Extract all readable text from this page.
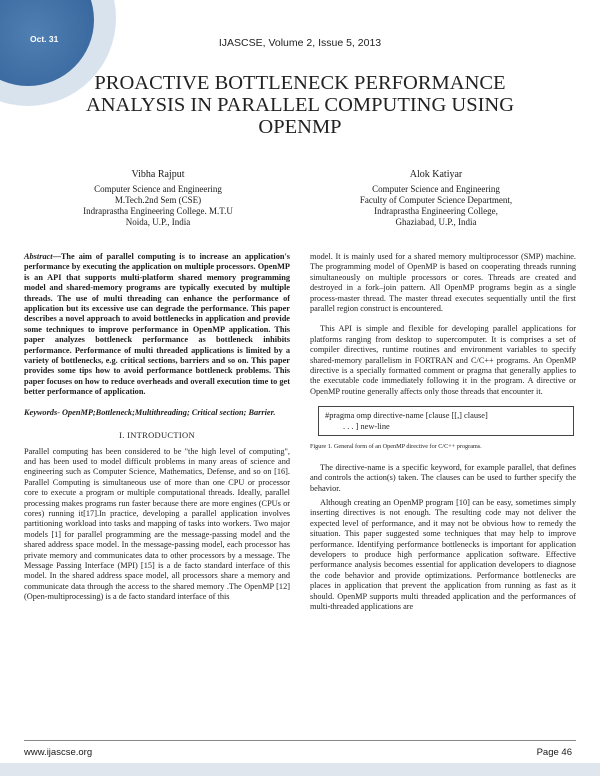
Oct. 31	IJASCSE, Volume 2, Issue 5, 2013
PROACTIVE BOTTLENECK PERFORMANCE ANALYSIS IN PARALLEL COMPUTING USING OPENMP
Vibha Rajput
Computer Science and Engineering
M.Tech.2nd Sem (CSE)
Indraprastha Engineering College. M.T.U
Noida, U.P., India
Alok Katiyar
Computer Science and Engineering
Faculty of Computer Science Department,
Indraprastha Engineering College,
Ghaziabad, U.P., India

Abstract—The aim of parallel computing is to increase an application's performance by executing the application on multiple processors. OpenMP is an API that supports multi-platform shared memory programming model and shared-memory programs are typically executed by multiple threads. The use of multi threading can enhance the performance of application but its excessive use can degrade the performance. This paper describes a novel approach to avoid bottlenecks in application and provide some techniques to improve performance in OpenMP application. This paper analyzes bottleneck performance as bottleneck inhibits performance. Performance of multi threaded applications is limited by a variety of bottlenecks, e.g. critical sections, barriers and so on. This paper provides some tips how to avoid performance bottleneck problems. This paper focuses on how to reduce overheads and overall execution time to get better performance of application.

Keywords- OpenMP;Bottleneck;Multithreading; Critical section; Barrier.

I. INTRODUCTION

Parallel computing has been considered to be "the high level of computing", and has been used to model difficult problems in many areas of science and engineering such as Computer Science, Mathematics, Defense, and so on [16]. Parallel Computing is simultaneous use of more than one CPU or processor core to execute a program or multiple computational threads. Ideally, parallel processing makes programs run faster because there are more engines (CPUs or cores) running it[17].In practice, developing a parallel application involves partitioning workload into tasks and mapping of tasks into workers. Two major models [1] for parallel programming are the message-passing model and the shared address space model. In the message-passing model, each processor has private memory and communicates data to other processors by a message. The Message Passing Interface (MPI) [15] is a de facto standard interface of this model. In the shared address space model, all processors share a memory and communicate data through the access to the shared memory .The OpenMP [12] (Open-multiprocessing) is a de facto standard interface of this

model. It is mainly used for a shared memory multiprocessor (SMP) machine. The programming model of OpenMP is based on cooperating threads running simultaneously on multiple processors or cores. Threads are created and destroyed in a fork–join pattern. All OpenMP programs begin as a single process-master thread. The master thread executes sequentially until the first parallel region construct is encountered.

This API is simple and flexible for developing parallel applications for platforms ranging from desktop to supercomputer. It is comprises a set of compiler directives, runtime routines and environment variables to specify shared-memory parallelism in FORTRAN and C/C++ programs. An OpenMP directive is a specially formatted comment or pragma that generally applies to the executable code immediately following it in the program. A directive or OpenMP routine generally affects only those threads that encounter it.

#pragma omp directive-name [clause [[,] clause]
. . . ] new-line
Figure 1. General form of an OpenMP directive for C/C++ programs.

The directive-name is a specific keyword, for example parallel, that defines and controls the action(s) taken. The clauses can be used to further specify the behavior.

Although creating an OpenMP program [10] can be easy, sometimes simply inserting directives is not enough. The resulting code may not deliver the expected level of performance, and it may not be obvious how to remedy the situation. This paper suggested some techniques that may help to improve performance. Identifying performance bottlenecks is important for application developers to produce high performance application software. Effective performance analysis becomes essential for application developers to diagnose the code behavior and provide optimizations. Performance bottlenecks are places in application that prevent the application from running as fast as it should. OpenMP supports multi threaded application and the performances of multi-threaded applications are

www.ijascse.org	Page 46
